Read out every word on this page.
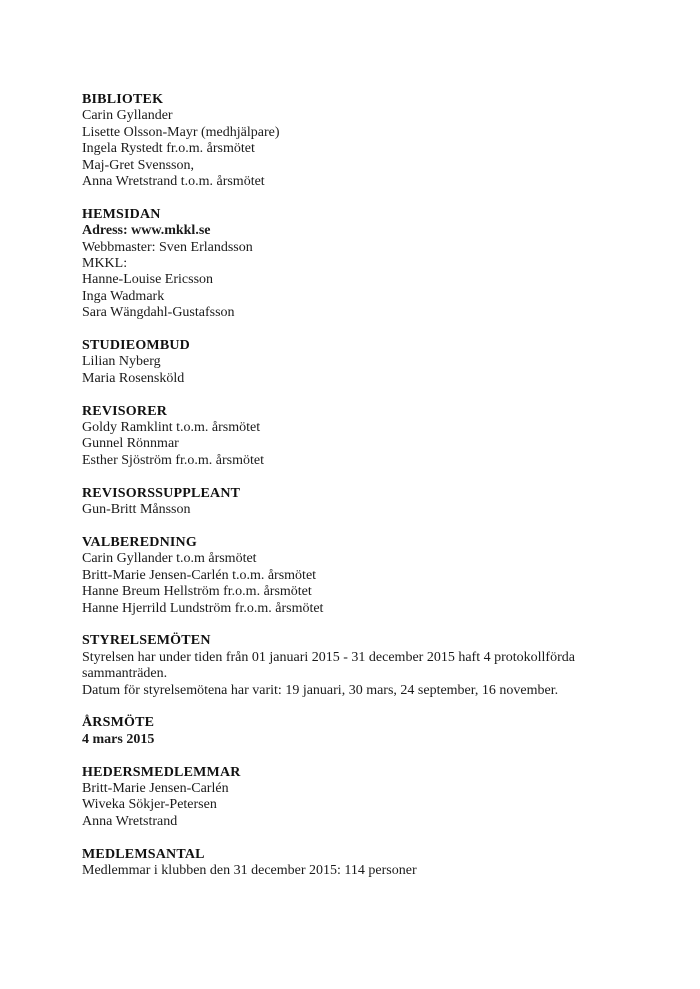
BIBLIOTEK
Carin Gyllander
Lisette Olsson-Mayr (medhjälpare)
Ingela Rystedt fr.o.m. årsmötet
Maj-Gret Svensson,
Anna Wretstrand t.o.m. årsmötet
HEMSIDAN
Adress: www.mkkl.se
Webbmaster: Sven Erlandsson
MKKL:
Hanne-Louise Ericsson
Inga Wadmark
Sara Wängdahl-Gustafsson
STUDIEOMBUD
Lilian Nyberg
Maria Rosensköld
REVISORER
Goldy Ramklint t.o.m. årsmötet
Gunnel Rönnmar
Esther Sjöström fr.o.m. årsmötet
REVISORSSUPPLEANT
Gun-Britt Månsson
VALBEREDNING
Carin Gyllander t.o.m årsmötet
Britt-Marie Jensen-Carlén t.o.m. årsmötet
Hanne Breum Hellström fr.o.m. årsmötet
Hanne Hjerrild Lundström fr.o.m. årsmötet
STYRELSEMÖTEN
Styrelsen har under tiden från 01 januari 2015 - 31 december 2015 haft 4 protokollförda sammanträden.
Datum för styrelsemötena har varit: 19 januari, 30 mars, 24 september, 16 november.
ÅRSMÖTE
4 mars 2015
HEDERSMEDLEMMAR
Britt-Marie Jensen-Carlén
Wiveka Sökjer-Petersen
Anna Wretstrand
MEDLEMSANTAL
Medlemmar i klubben den 31 december 2015: 114 personer
